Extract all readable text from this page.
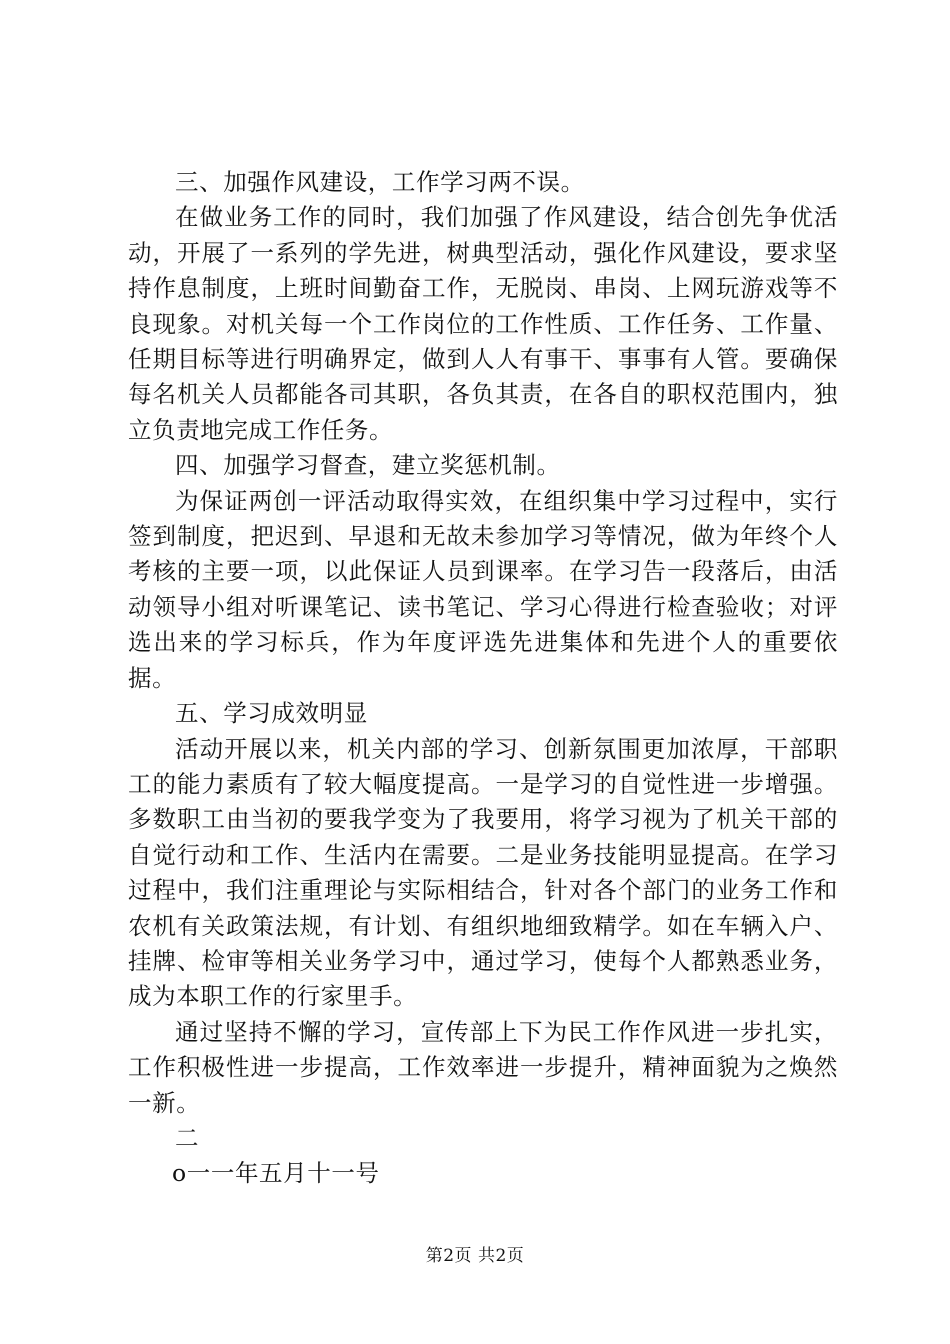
三、加强作风建设，工作学习两不误。

在做业务工作的同时，我们加强了作风建设，结合创先争优活动，开展了一系列的学先进，树典型活动，强化作风建设，要求坚持作息制度，上班时间勤奋工作，无脱岗、串岗、上网玩游戏等不良现象。对机关每一个工作岗位的工作性质、工作任务、工作量、任期目标等进行明确界定，做到人人有事干、事事有人管。要确保每名机关人员都能各司其职，各负其责，在各自的职权范围内，独立负责地完成工作任务。

四、加强学习督查，建立奖惩机制。

为保证两创一评活动取得实效，在组织集中学习过程中，实行签到制度，把迟到、早退和无故未参加学习等情况，做为年终个人考核的主要一项，以此保证人员到课率。在学习告一段落后，由活动领导小组对听课笔记、读书笔记、学习心得进行检查验收；对评选出来的学习标兵，作为年度评选先进集体和先进个人的重要依据。

五、学习成效明显

活动开展以来，机关内部的学习、创新氛围更加浓厚，干部职工的能力素质有了较大幅度提高。一是学习的自觉性进一步增强。多数职工由当初的要我学变为了我要用，将学习视为了机关干部的自觉行动和工作、生活内在需要。二是业务技能明显提高。在学习过程中，我们注重理论与实际相结合，针对各个部门的业务工作和农机有关政策法规，有计划、有组织地细致精学。如在车辆入户、挂牌、检审等相关业务学习中，通过学习，使每个人都熟悉业务，成为本职工作的行家里手。

通过坚持不懈的学习，宣传部上下为民工作作风进一步扎实，工作积极性进一步提高，工作效率进一步提升，精神面貌为之焕然一新。

二

o一一年五月十一号

第2页 共2页
